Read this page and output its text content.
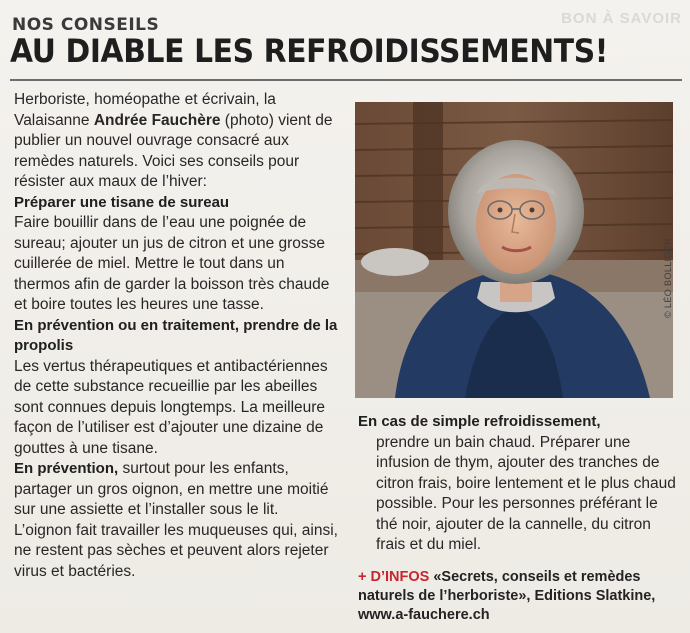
BON À SAVOIR
NOS CONSEILS
AU DIABLE LES REFROIDISSEMENTS!

Herboriste, homéopathe et écrivain, la Valaisanne Andrée Fauchère (photo) vient de publier un nouvel ouvrage consacré aux remèdes naturels. Voici ses conseils pour résister aux maux de l’hiver:

Préparer une tisane de sureau

Faire bouillir dans de l’eau une poignée de sureau; ajouter un jus de citron et une grosse cuillerée de miel. Mettre le tout dans un thermos afin de garder la boisson très chaude et boire toutes les heures une tasse.

En prévention ou en traitement, prendre de la propolis

Les vertus thérapeutiques et antibactériennes de cette substance recueillie par les abeilles sont connues depuis longtemps. La meilleure façon de l’utiliser est d’ajouter une dizaine de gouttes à une tisane.

En prévention, surtout pour les enfants, partager un gros oignon, en mettre une moitié sur une assiette et l’installer sous le lit. L’oignon fait travailler les muqueuses qui, ainsi, ne restent pas sèches et peuvent alors rejeter virus et bactéries.

© LÉO BOLLIGER

En cas de simple refroidissement,

prendre un bain chaud. Préparer une infusion de thym, ajouter des tranches de citron frais, boire lentement et le plus chaud possible. Pour les personnes préférant le thé noir, ajouter de la cannelle, du citron frais et du miel.

+ D’INFOS «Secrets, conseils et remèdes naturels de l’herboriste», Editions Slatkine,
www.a-fauchere.ch
